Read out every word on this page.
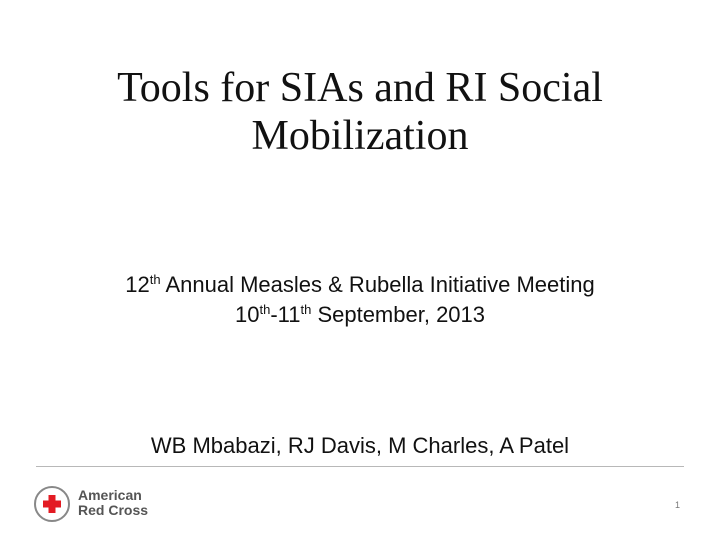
Tools for SIAs and RI Social
Mobilization
12th Annual Measles & Rubella Initiative Meeting
10th-11th September, 2013
WB Mbabazi, RJ Davis, M Charles, A Patel
American
Red Cross	1
